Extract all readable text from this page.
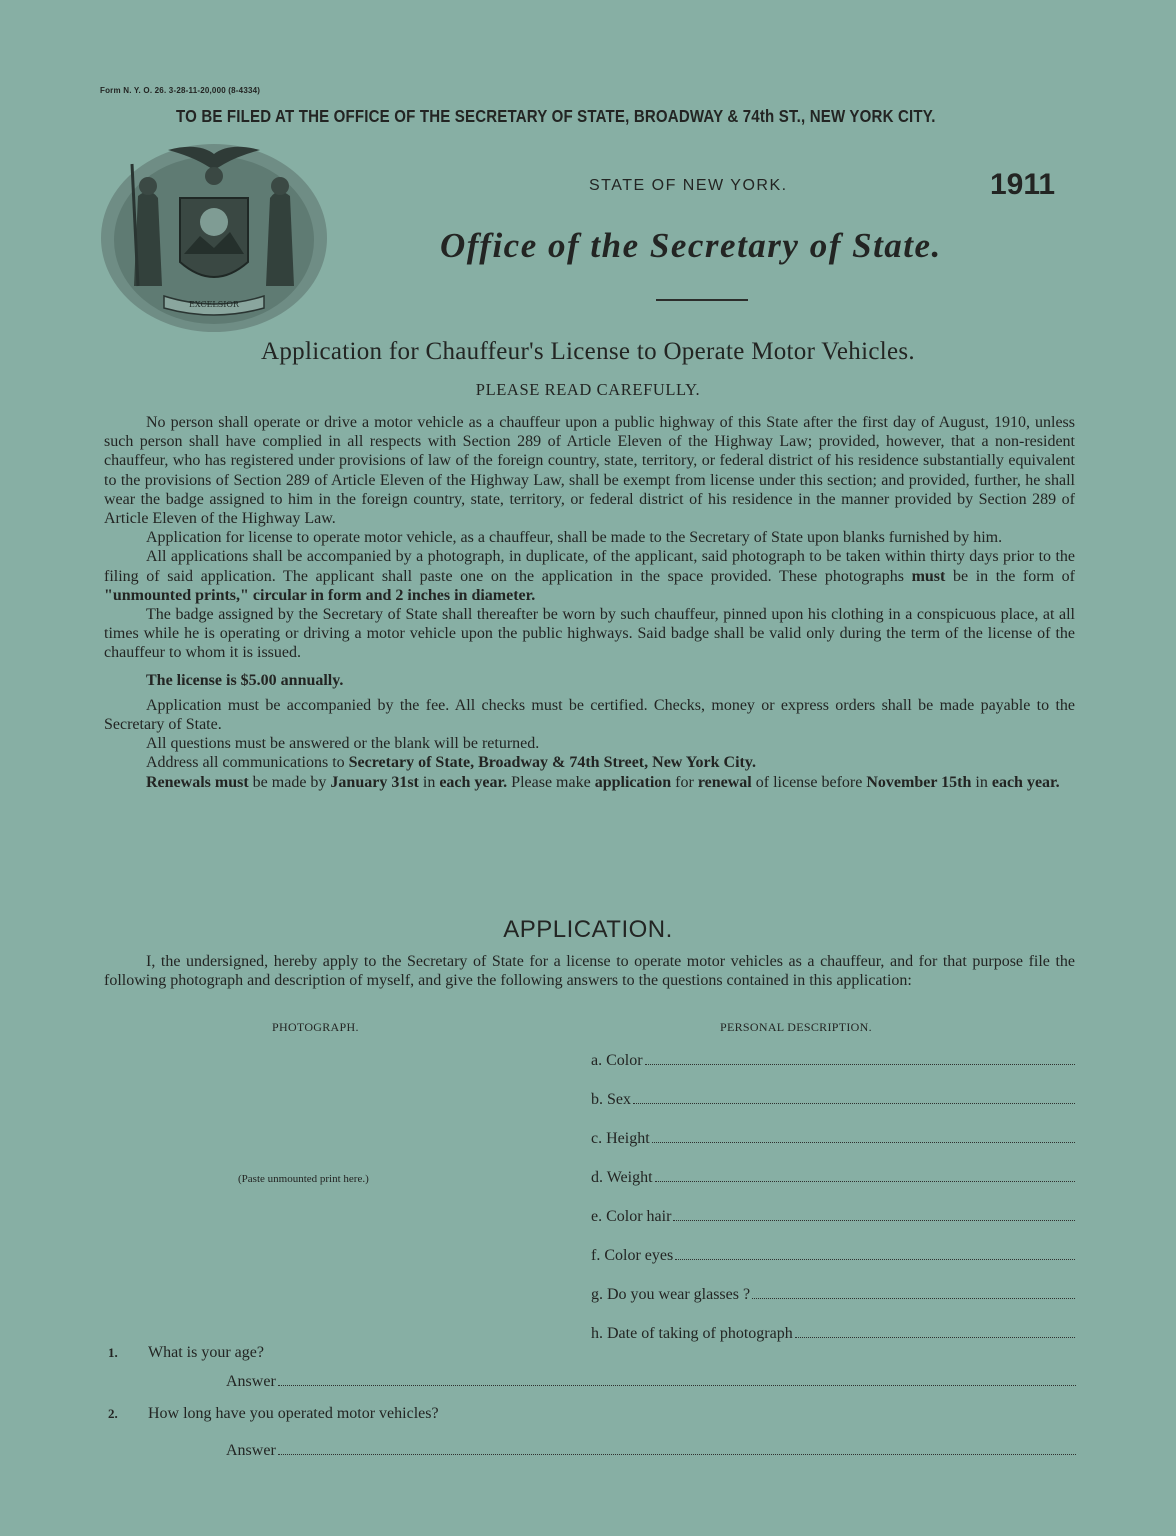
Form N. Y. O. 26. 3-28-11-20,000 (8-4334)
TO BE FILED AT THE OFFICE OF THE SECRETARY OF STATE, BROADWAY & 74th ST., NEW YORK CITY.
EXCELSIOR
STATE OF NEW YORK.	1911
Office of the Secretary of State.
Application for Chauffeur's License to Operate Motor Vehicles.
PLEASE READ CAREFULLY.

No person shall operate or drive a motor vehicle as a chauffeur upon a public highway of this State after the first day of August, 1910, unless such person shall have complied in all respects with Section 289 of Article Eleven of the Highway Law; provided, however, that a non-resident chauffeur, who has registered under provisions of law of the foreign country, state, territory, or federal district of his residence substantially equivalent to the provisions of Section 289 of Article Eleven of the Highway Law, shall be exempt from license under this section; and provided, further, he shall wear the badge assigned to him in the foreign country, state, territory, or federal district of his residence in the manner provided by Section 289 of Article Eleven of the Highway Law.

Application for license to operate motor vehicle, as a chauffeur, shall be made to the Secretary of State upon blanks furnished by him.

All applications shall be accompanied by a photograph, in duplicate, of the applicant, said photograph to be taken within thirty days prior to the filing of said application. The applicant shall paste one on the application in the space provided. These photographs must be in the form of "unmounted prints," circular in form and 2 inches in diameter.

The badge assigned by the Secretary of State shall thereafter be worn by such chauffeur, pinned upon his clothing in a conspicuous place, at all times while he is operating or driving a motor vehicle upon the public highways. Said badge shall be valid only during the term of the license of the chauffeur to whom it is issued.

The license is $5.00 annually.

Application must be accompanied by the fee. All checks must be certified. Checks, money or express orders shall be made payable to the Secretary of State.

All questions must be answered or the blank will be returned.

Address all communications to Secretary of State, Broadway & 74th Street, New York City.

Renewals must be made by January 31st in each year. Please make application for renewal of license before November 15th in each year.

APPLICATION.

I, the undersigned, hereby apply to the Secretary of State for a license to operate motor vehicles as a chauffeur, and for that purpose file the following photograph and description of myself, and give the following answers to the questions contained in this application:

PHOTOGRAPH.	PERSONAL DESCRIPTION.
(Paste unmounted print here.)
a. Color
b. Sex
c. Height
d. Weight
e. Color hair
f. Color eyes
g. Do you wear glasses ?
h. Date of taking of photograph
1. What is your age?
Answer
2. How long have you operated motor vehicles?
Answer
